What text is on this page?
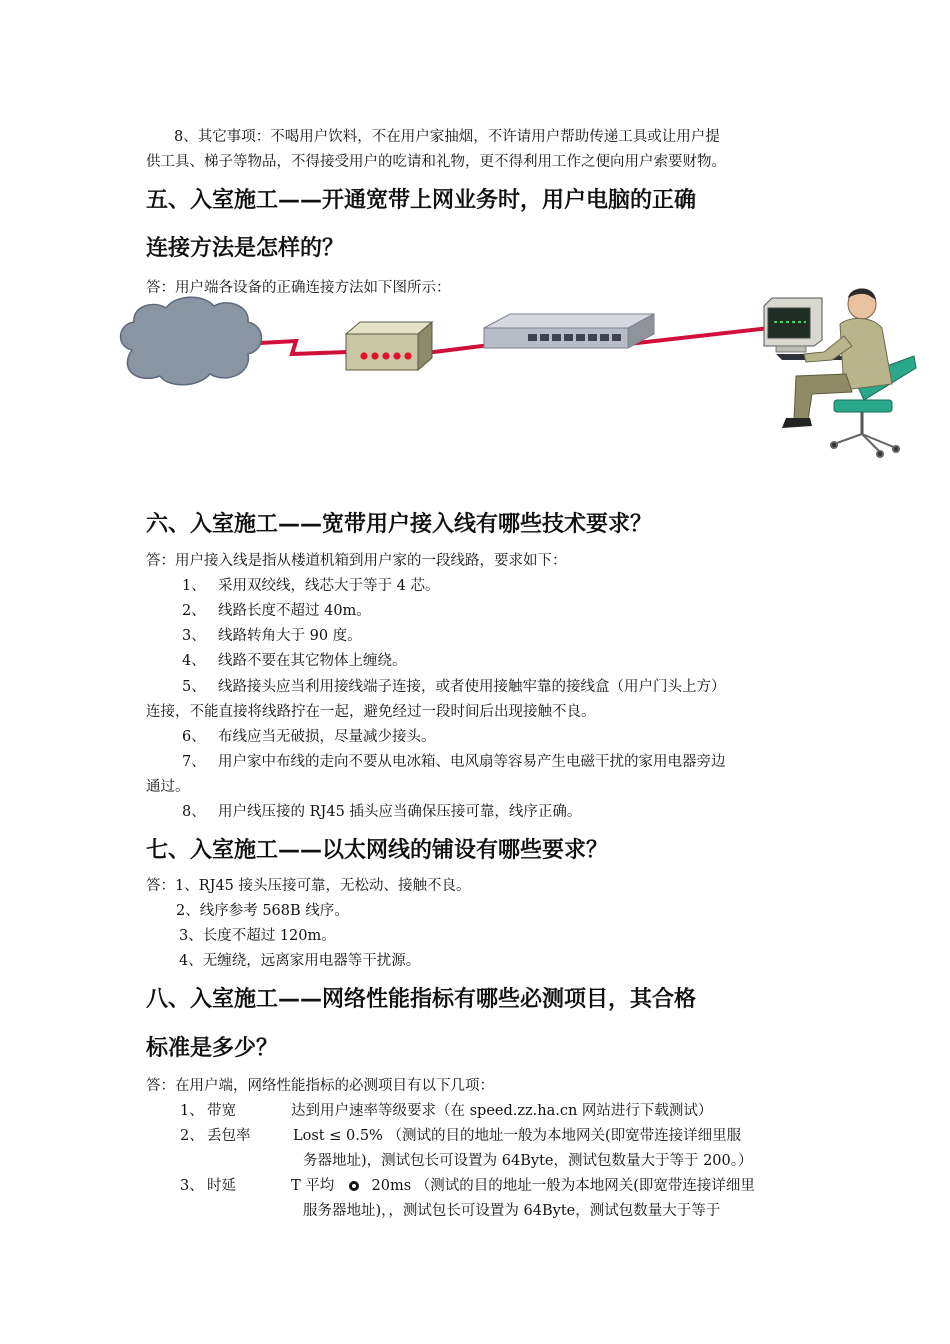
8、其它事项：不喝用户饮料，不在用户家抽烟，不许请用户帮助传递工具或让用户提
供工具、梯子等物品，不得接受用户的吃请和礼物，更不得利用工作之便向用户索要财物。
五、入室施工——开通宽带上网业务时，用户电脑的正确
连接方法是怎样的？
答：用户端各设备的正确连接方法如下图所示：
六、入室施工——宽带用户接入线有哪些技术要求？
答：用户接入线是指从楼道机箱到用户家的一段线路，要求如下：
1、 采用双绞线，线芯大于等于 4 芯。
2、 线路长度不超过 40m。
3、 线路转角大于 90 度。
4、 线路不要在其它物体上缠绕。
5、 线路接头应当利用接线端子连接，或者使用接触牢靠的接线盒（用户门头上方）
连接，不能直接将线路拧在一起，避免经过一段时间后出现接触不良。
6、 布线应当无破损，尽量减少接头。
7、 用户家中布线的走向不要从电冰箱、电风扇等容易产生电磁干扰的家用电器旁边
通过。
8、 用户线压接的 RJ45 插头应当确保压接可靠，线序正确。
七、入室施工——以太网线的铺设有哪些要求？
答：1、RJ45 接头压接可靠，无松动、接触不良。
2、线序参考 568B 线序。
3、长度不超过 120m。
4、无缠绕，远离家用电器等干扰源。
八、入室施工——网络性能指标有哪些必测项目，其合格
标准是多少？
答：在用户端，网络性能指标的必测项目有以下几项：
1、 带宽	达到用户速率等级要求（在 speed.zz.ha.cn 网站进行下载测试）
2、 丢包率	Lost ≤ 0.5% （测试的目的地址一般为本地网关(即宽带连接详细里服
务器地址)，测试包长可设置为 64Byte，测试包数量大于等于 200。）
3、 时延	T 平均	20ms （测试的目的地址一般为本地网关(即宽带连接详细里
服务器地址)，，测试包长可设置为 64Byte，测试包数量大于等于
